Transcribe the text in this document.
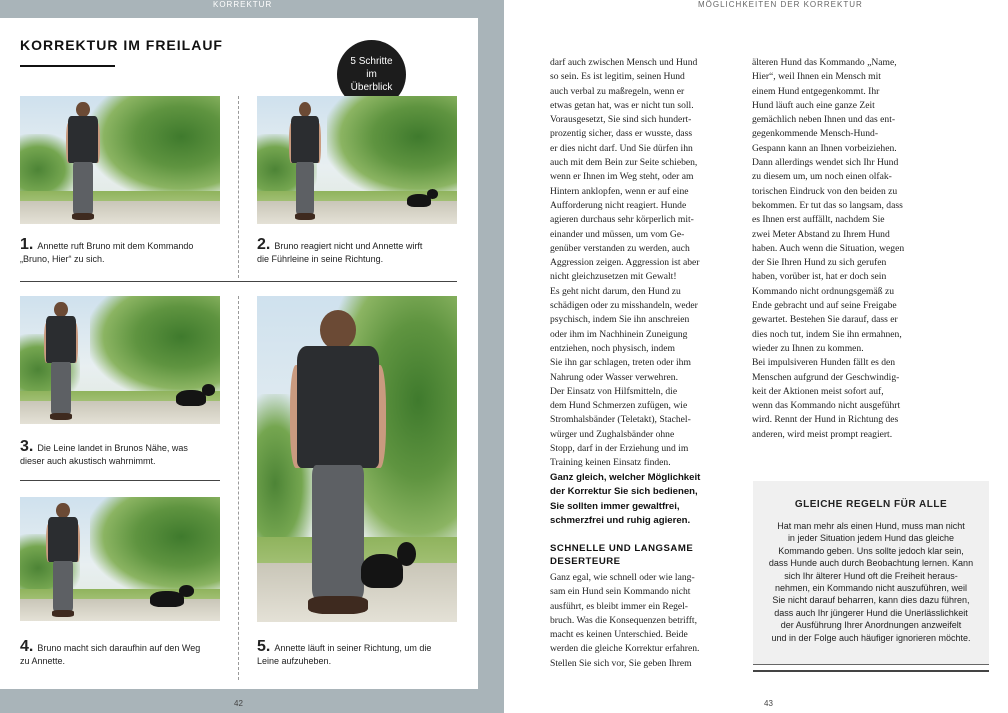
KORREKTUR
KORREKTUR IM FREILAUF
5 Schritte
im
Überblick
1. Annette ruft Bruno mit dem Kommando
„Bruno, Hier“ zu sich.
2. Bruno reagiert nicht und Annette wirft
die Führleine in seine Richtung.
3. Die Leine landet in Brunos Nähe, was
dieser auch akustisch wahrnimmt.
4. Bruno macht sich daraufhin auf den Weg
zu Annette.
5. Annette läuft in seiner Richtung, um die
Leine aufzuheben.
42
MÖGLICHKEITEN DER KORREKTUR
darf auch zwischen Mensch und Hund
so sein. Es ist legitim, seinen Hund
auch verbal zu maßregeln, wenn er
etwas getan hat, was er nicht tun soll.
Vorausgesetzt, Sie sind sich hundert-
prozentig sicher, dass er wusste, dass
er dies nicht darf. Und Sie dürfen ihn
auch mit dem Bein zur Seite schieben,
wenn er Ihnen im Weg steht, oder am
Hintern anklopfen, wenn er auf eine
Aufforderung nicht reagiert. Hunde
agieren durchaus sehr körperlich mit-
einander und müssen, um vom Ge-
genüber verstanden zu werden, auch
Aggression zeigen. Aggression ist aber
nicht gleichzusetzen mit Gewalt!
Es geht nicht darum, den Hund zu
schädigen oder zu misshandeln, weder
psychisch, indem Sie ihn anschreien
oder ihm im Nachhinein Zuneigung
entziehen, noch physisch, indem
Sie ihn gar schlagen, treten oder ihm
Nahrung oder Wasser verwehren.
Der Einsatz von Hilfsmitteln, die
dem Hund Schmerzen zufügen, wie
Stromhalsbänder (Teletakt), Stachel-
würger und Zughalsbänder ohne
Stopp, darf in der Erziehung und im
Training keinen Einsatz finden.
Ganz gleich, welcher Möglichkeit
der Korrektur Sie sich bedienen,
Sie sollten immer gewaltfrei,
schmerzfrei und ruhig agieren.
SCHNELLE UND LANGSAME
DESERTEURE
Ganz egal, wie schnell oder wie lang-
sam ein Hund sein Kommando nicht
ausführt, es bleibt immer ein Regel-
bruch. Was die Konsequenzen betrifft,
macht es keinen Unterschied. Beide
werden die gleiche Korrektur erfahren.
Stellen Sie sich vor, Sie geben Ihrem
älteren Hund das Kommando „Name,
Hier“, weil Ihnen ein Mensch mit
einem Hund entgegenkommt. Ihr
Hund läuft auch eine ganze Zeit
gemächlich neben Ihnen und das ent-
gegenkommende Mensch-Hund-
Gespann kann an Ihnen vorbeiziehen.
Dann allerdings wendet sich Ihr Hund
zu diesem um, um noch einen olfak-
torischen Eindruck von den beiden zu
bekommen. Er tut das so langsam, dass
es Ihnen erst auffällt, nachdem Sie
zwei Meter Abstand zu Ihrem Hund
haben. Auch wenn die Situation, wegen
der Sie Ihren Hund zu sich gerufen
haben, vorüber ist, hat er doch sein
Kommando nicht ordnungsgemäß zu
Ende gebracht und auf seine Freigabe
gewartet. Bestehen Sie darauf, dass er
dies noch tut, indem Sie ihn ermahnen,
wieder zu Ihnen zu kommen.
Bei impulsiveren Hunden fällt es den
Menschen aufgrund der Geschwindig-
keit der Aktionen meist sofort auf,
wenn das Kommando nicht ausgeführt
wird. Rennt der Hund in Richtung des
anderen, wird meist prompt reagiert.
GLEICHE REGELN FÜR ALLE
Hat man mehr als einen Hund, muss man nicht
in jeder Situation jedem Hund das gleiche
Kommando geben. Uns sollte jedoch klar sein,
dass Hunde auch durch Beobachtung lernen. Kann
sich Ihr älterer Hund oft die Freiheit heraus-
nehmen, ein Kommando nicht auszuführen, weil
Sie nicht darauf beharren, kann dies dazu führen,
dass auch Ihr jüngerer Hund die Unerlässlichkeit
der Ausführung Ihrer Anordnungen anzweifelt
und in der Folge auch häufiger ignorieren möchte.
43
